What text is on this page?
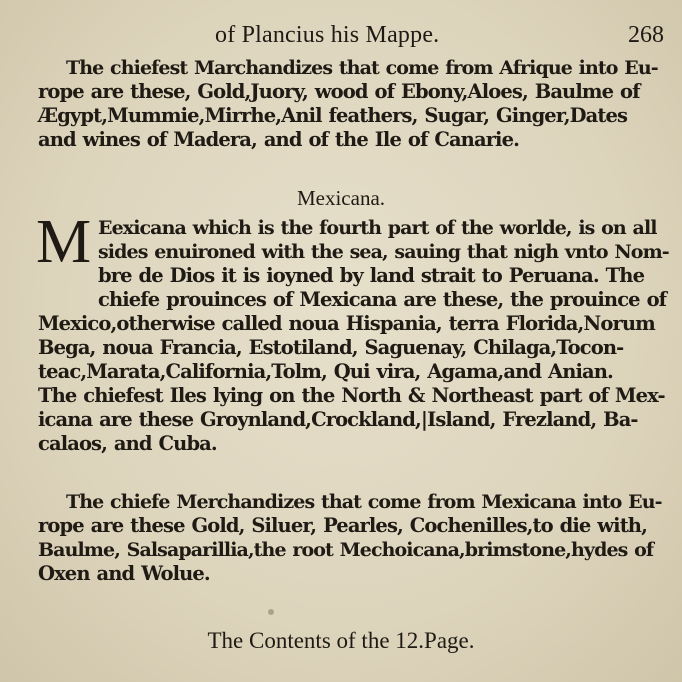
of Plancius his Mappe.	268
The chiefest Marchandizes that come from Afrique into Eu-
rope are these, Gold,Juory, wood of Ebony,Aloes, Baulme of
Ægypt,Mummie,Mirrhe,Anil feathers, Sugar, Ginger,Dates
and wines of Madera, and of the Ile of Canarie.
Mexicana.
M Eexicana which is the fourth part of the worlde, is on all
sides enuironed with the sea, sauing that nigh vnto Nom-
bre de Dios it is ioyned by land strait to Peruana. The
chiefe prouinces of Mexicana are these, the prouince of
Mexico,otherwise called noua Hispania, terra Florida,Norum
Bega, noua Francia, Estotiland, Saguenay, Chilaga,Tocon-
teac,Marata,California,Tolm, Qui vira, Agama,and Anian.
The chiefest Iles lying on the North & Northeast part of Mex-
icana are these Groynland,Crockland,|Island, Frezland, Ba-
calaos, and Cuba.
The chiefe Merchandizes that come from Mexicana into Eu-
rope are these Gold, Siluer, Pearles, Cochenilles,to die with,
Baulme, Salsaparillia,the root Mechoicana,brimstone,hydes of
Oxen and Wolue.
The Contents of the 12.Page.
